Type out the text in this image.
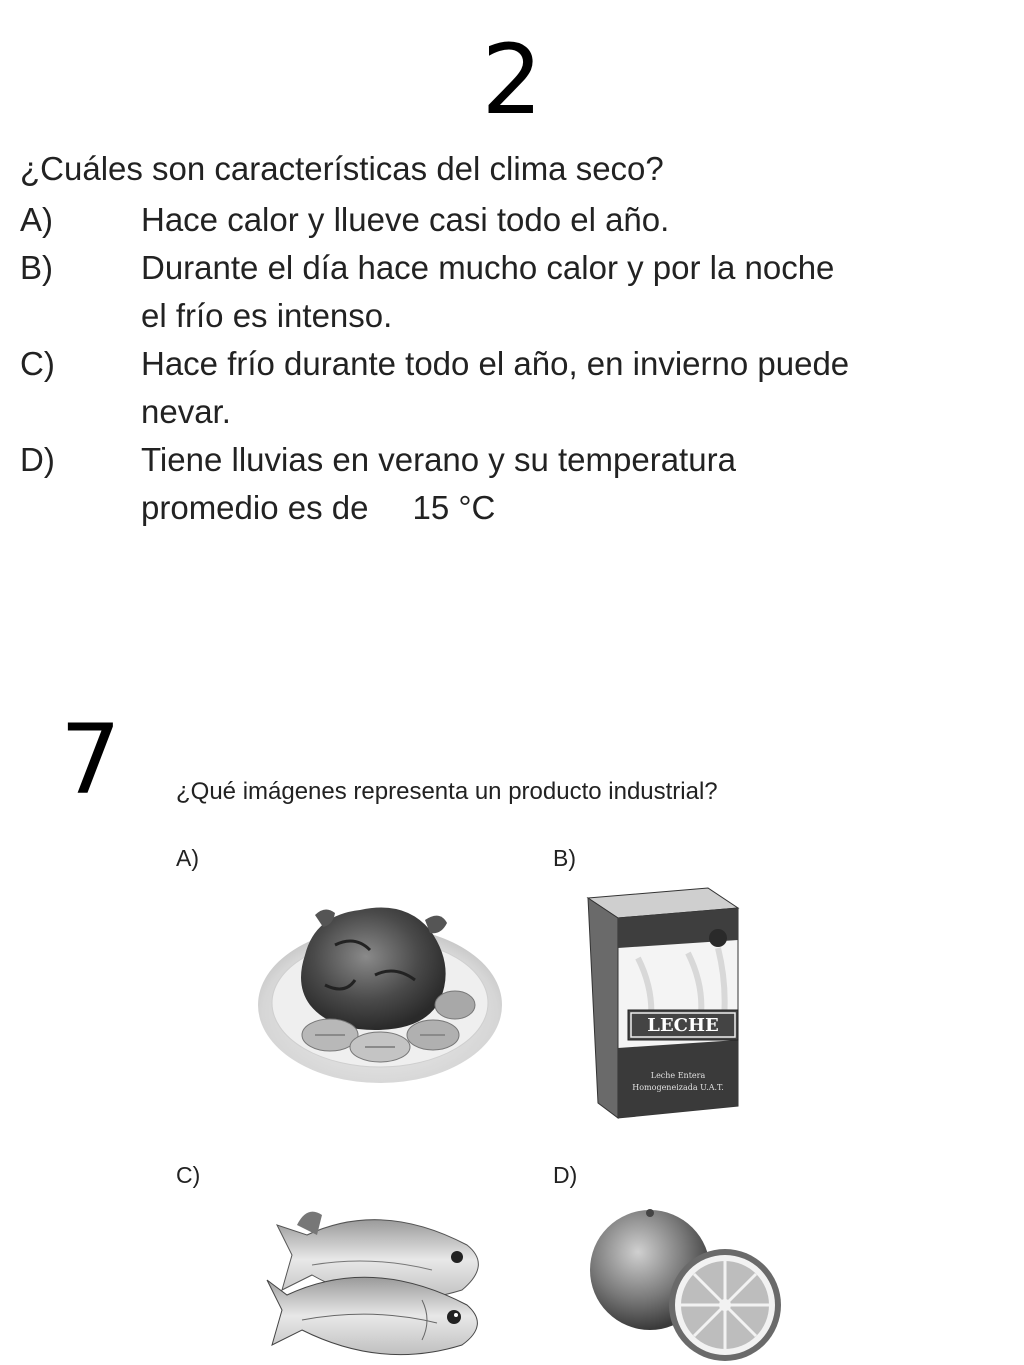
2
¿Cuáles son características del clima seco?
A)	Hace calor y llueve casi todo el año.
B)	Durante el día hace mucho calor y por la noche
el frío es intenso.
C)	Hace frío durante todo el año, en invierno puede
nevar.
D)	Tiene lluvias en verano y su temperatura
promedio es de 15 °C
7 ¿Qué imágenes representa un producto industrial?
A)	B)
C)	D)
LECHE
Leche Entera
Homogeneizada U.A.T.
